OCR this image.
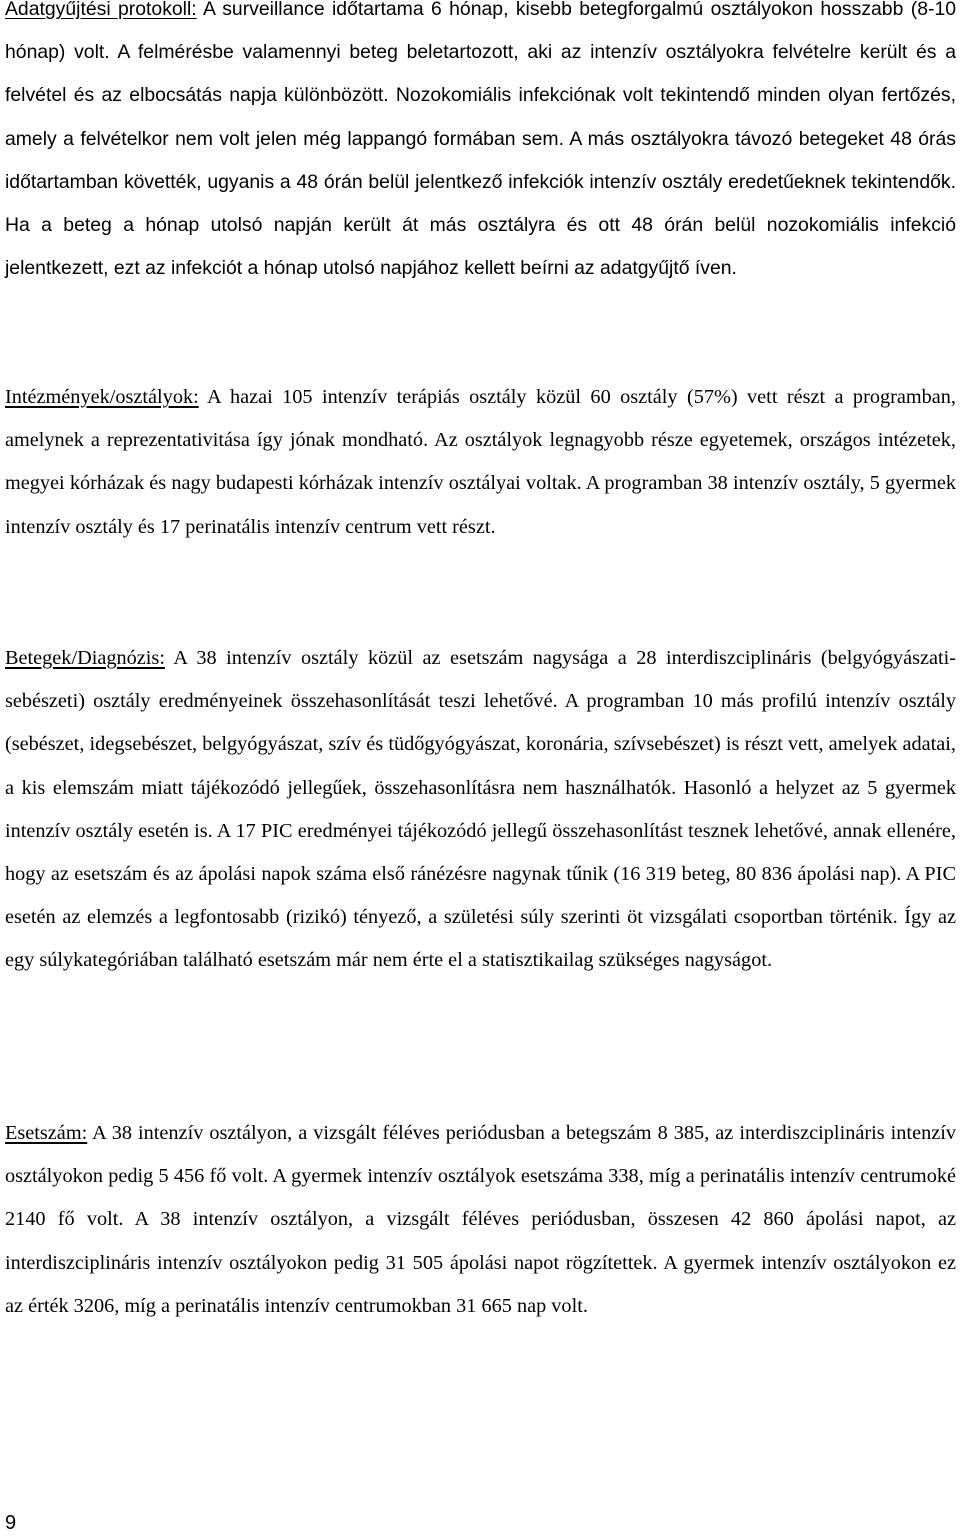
Adatgyűjtési protokoll: A surveillance időtartama 6 hónap, kisebb betegforgalmú osztályokon hosszabb (8-10 hónap) volt. A felmérésbe valamennyi beteg beletartozott, aki az intenzív osztályokra felvételre került és a felvétel és az elbocsátás napja különbözött. Nozokomiális infekciónak volt tekintendő minden olyan fertőzés, amely a felvételkor nem volt jelen még lappangó formában sem. A más osztályokra távozó betegeket 48 órás időtartamban követték, ugyanis a 48 órán belül jelentkező infekciók intenzív osztály eredetűeknek tekintendők. Ha a beteg a hónap utolsó napján került át más osztályra és ott 48 órán belül nozokomiális infekció jelentkezett, ezt az infekciót a hónap utolsó napjához kellett beírni az adatgyűjtő íven.

Intézmények/osztályok: A hazai 105 intenzív terápiás osztály közül 60 osztály (57%) vett részt a programban, amelynek a reprezentativitása így jónak mondható. Az osztályok legnagyobb része egyetemek, országos intézetek, megyei kórházak és nagy budapesti kórházak intenzív osztályai voltak. A programban 38 intenzív osztály, 5 gyermek intenzív osztály és 17 perinatális intenzív centrum vett részt.

Betegek/Diagnózis: A 38 intenzív osztály közül az esetszám nagysága a 28 interdiszciplináris (belgyógyászati-sebészeti) osztály eredményeinek összehasonlítását teszi lehetővé. A programban 10 más profilú intenzív osztály (sebészet, idegsebészet, belgyógyászat, szív és tüdőgyógyászat, koronária, szívsebészet) is részt vett, amelyek adatai, a kis elemszám miatt tájékozódó jellegűek, összehasonlításra nem használhatók. Hasonló a helyzet az 5 gyermek intenzív osztály esetén is. A 17 PIC eredményei tájékozódó jellegű összehasonlítást tesznek lehetővé, annak ellenére, hogy az esetszám és az ápolási napok száma első ránézésre nagynak tűnik (16 319 beteg, 80 836 ápolási nap). A PIC esetén az elemzés a legfontosabb (rizikó) tényező, a születési súly szerinti öt vizsgálati csoportban történik. Így az egy súlykategóriában található esetszám már nem érte el a statisztikailag szükséges nagyságot.

Esetszám: A 38 intenzív osztályon, a vizsgált féléves periódusban a betegszám 8 385, az interdiszciplináris intenzív osztályokon pedig 5 456 fő volt. A gyermek intenzív osztályok esetszáma 338, míg a perinatális intenzív centrumoké 2140 fő volt. A 38 intenzív osztályon, a vizsgált féléves periódusban, összesen 42 860 ápolási napot, az interdiszciplináris intenzív osztályokon pedig 31 505 ápolási napot rögzítettek. A gyermek intenzív osztályokon ez az érték 3206, míg a perinatális intenzív centrumokban 31 665 nap volt.

9
